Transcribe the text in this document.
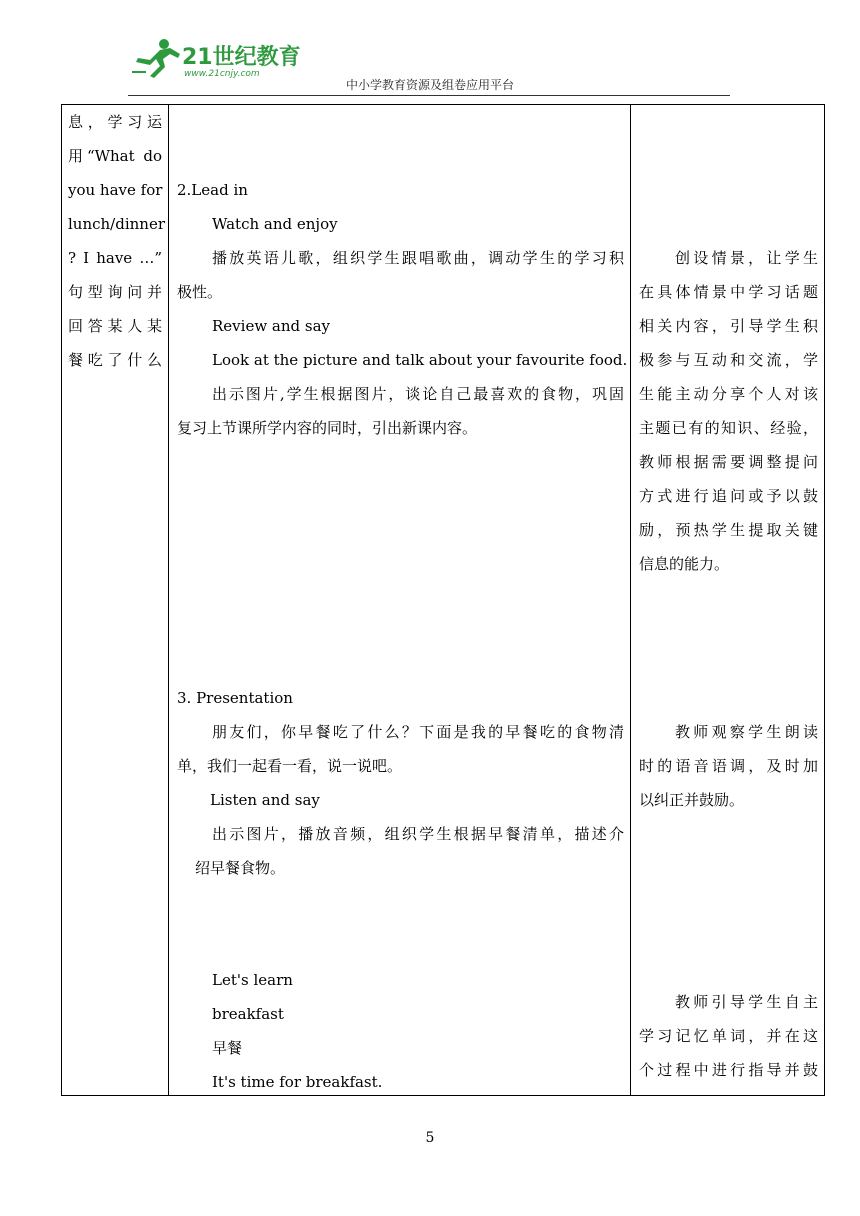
21世纪教育
www.21cnjy.com
中小学教育资源及组卷应用平台
息，学习运
用“What do
you have for
lunch/dinner
? I have …”
句型询问并
回答某人某
餐吃了什么

2.Lead in
Watch and enjoy
播放英语儿歌，组织学生跟唱歌曲，调动学生的学习积
极性。
Review and say
Look at the picture and talk about your favourite food.
出示图片,学生根据图片，谈论自己最喜欢的食物，巩固
复习上节课所学内容的同时，引出新课内容。
3. Presentation
朋友们，你早餐吃了什么？下面是我的早餐吃的食物清
单，我们一起看一看，说一说吧。
Listen and say
出示图片，播放音频，组织学生根据早餐清单，描述介
绍早餐食物。
Let's learn
breakfast
早餐
It's time for breakfast.

创设情景，让学生
在具体情景中学习话题
相关内容，引导学生积
极参与互动和交流，学
生能主动分享个人对该
主题已有的知识、经验，
教师根据需要调整提问
方式进行追问或予以鼓
励，预热学生提取关键
信息的能力。
教师观察学生朗读
时的语音语调，及时加
以纠正并鼓励。
教师引导学生自主
学习记忆单词，并在这
个过程中进行指导并鼓
5
